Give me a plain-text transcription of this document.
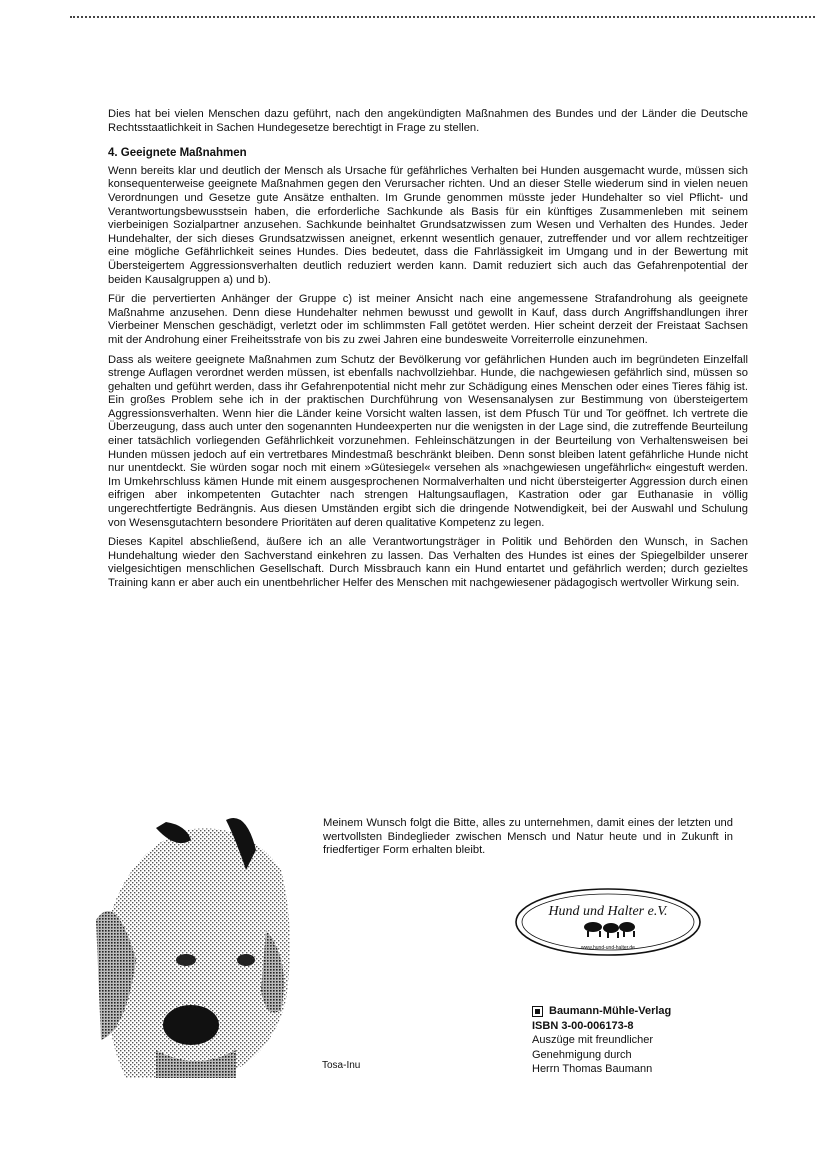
Dies hat bei vielen Menschen dazu geführt, nach den angekündigten Maßnahmen des Bundes und der Länder die Deutsche Rechtsstaatlichkeit in Sachen Hundegesetze berechtigt in Frage zu stellen.

4. Geeignete Maßnahmen

Wenn bereits klar und deutlich der Mensch als Ursache für gefährliches Verhalten bei Hunden ausgemacht wurde, müssen sich konsequenterweise geeignete Maßnahmen gegen den Verursacher richten. Und an dieser Stelle wiederum sind in vielen neuen Verordnungen und Gesetze gute Ansätze enthalten. Im Grunde genommen müsste jeder Hundehalter so viel Pflicht- und Verantwortungsbewusstsein haben, die erforderliche Sachkunde als Basis für ein künftiges Zusammenleben mit seinem vierbeinigen Sozialpartner anzusehen. Sachkunde beinhaltet Grundsatzwissen zum Wesen und Verhalten des Hundes. Jeder Hundehalter, der sich dieses Grundsatzwissen aneignet, erkennt wesentlich genauer, zutreffender und vor allem rechtzeitiger eine mögliche Gefährlichkeit seines Hundes. Dies bedeutet, dass die Fahrlässigkeit im Umgang und in der Bewertung mit Übersteigertem Aggressionsverhalten deutlich reduziert werden kann. Damit reduziert sich auch das Gefahrenpotential der beiden Kausalgruppen a) und b).

Für die pervertierten Anhänger der Gruppe c) ist meiner Ansicht nach eine angemessene Strafandrohung als geeignete Maßnahme anzusehen. Denn diese Hundehalter nehmen bewusst und gewollt in Kauf, dass durch Angriffshandlungen ihrer Vierbeiner Menschen geschädigt, verletzt oder im schlimmsten Fall getötet werden. Hier scheint derzeit der Freistaat Sachsen mit der Androhung einer Freiheitsstrafe von bis zu zwei Jahren eine bundesweite Vorreiterrolle einzunehmen.

Dass als weitere geeignete Maßnahmen zum Schutz der Bevölkerung vor gefährlichen Hunden auch im begründeten Einzelfall strenge Auflagen verordnet werden müssen, ist ebenfalls nachvollziehbar. Hunde, die nachgewiesen gefährlich sind, müssen so gehalten und geführt werden, dass ihr Gefahrenpotential nicht mehr zur Schädigung eines Menschen oder eines Tieres fähig ist. Ein großes Problem sehe ich in der praktischen Durchführung von Wesensanalysen zur Bestimmung von übersteigertem Aggressionsverhalten. Wenn hier die Länder keine Vorsicht walten lassen, ist dem Pfusch Tür und Tor geöffnet. Ich vertrete die Überzeugung, dass auch unter den sogenannten Hundeexperten nur die wenigsten in der Lage sind, die zutreffende Beurteilung einer tatsächlich vorliegenden Gefährlichkeit vorzunehmen. Fehleinschätzungen in der Beurteilung von Verhaltensweisen bei Hunden müssen jedoch auf ein vertretbares Mindestmaß beschränkt bleiben. Denn sonst bleiben latent gefährliche Hunde nicht nur unentdeckt. Sie würden sogar noch mit einem »Gütesiegel« versehen als »nachgewiesen ungefährlich« eingestuft werden. Im Umkehrschluss kämen Hunde mit einem ausgesprochenen Normalverhalten und nicht übersteigerter Aggression durch einen eifrigen aber inkompetenten Gutachter nach strengen Haltungsauflagen, Kastration oder gar Euthanasie in völlig ungerechtfertigte Bedrängnis. Aus diesen Umständen ergibt sich die dringende Notwendigkeit, bei der Auswahl und Schulung von Wesensgutachtern besondere Prioritäten auf deren qualitative Kompetenz zu legen.

Dieses Kapitel abschließend, äußere ich an alle Verantwortungsträger in Politik und Behörden den Wunsch, in Sachen Hundehaltung wieder den Sachverstand einkehren zu lassen. Das Verhalten des Hundes ist eines der Spiegelbilder unserer vielgesichtigen menschlichen Gesellschaft. Durch Missbrauch kann ein Hund entartet und gefährlich werden; durch gezieltes Training kann er aber auch ein unentbehrlicher Helfer des Menschen mit nachgewiesener pädagogisch wertvoller Wirkung sein.

Tosa-Inu
Meinem Wunsch folgt die Bitte, alles zu unternehmen, damit eines der letzten und wertvollsten Bindeglieder zwischen Mensch und Natur heute und in Zukunft in friedfertiger Form erhalten bleibt.
Hund und Halter e.V.
www.hund-und-halter.de
Baumann-Mühle-Verlag
ISBN 3-00-006173-8
Auszüge mit freundlicher
Genehmigung durch
Herrn Thomas Baumann
